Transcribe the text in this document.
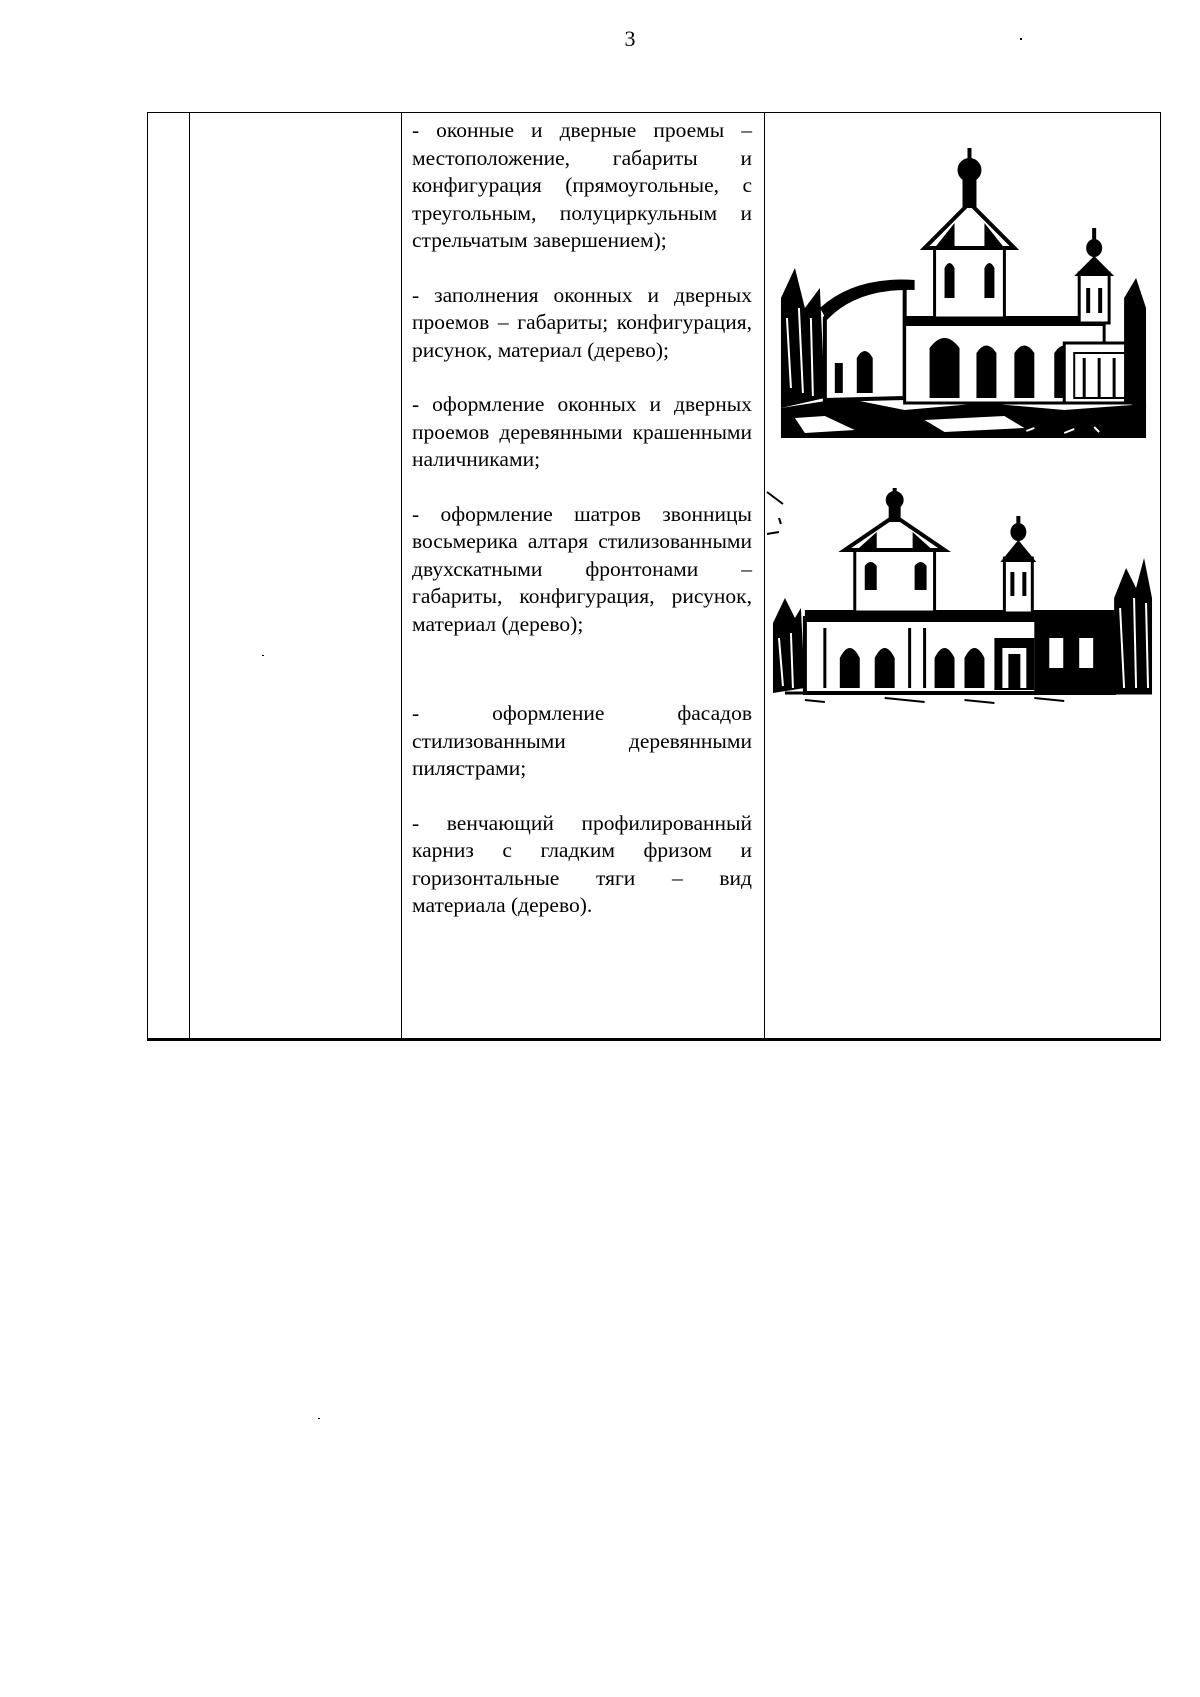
3

- оконные и дверные проемы – местоположение, габариты и конфигурация (прямоугольные, с треугольным, полуциркульным и стрельчатым завершением);

- заполнения оконных и дверных проемов – габариты; конфигурация, рисунок, материал (дерево);

- оформление оконных и дверных проемов деревянными крашенными наличниками;

- оформление шатров звонницы восьмерика алтаря стилизованными двухскатными фронтонами – габариты, конфигурация, рисунок, материал (дерево);

- оформление фасадов стилизованными деревянными пилястрами;

- венчающий профилированный карниз с гладким фризом и горизонтальные тяги – вид материала (дерево).
